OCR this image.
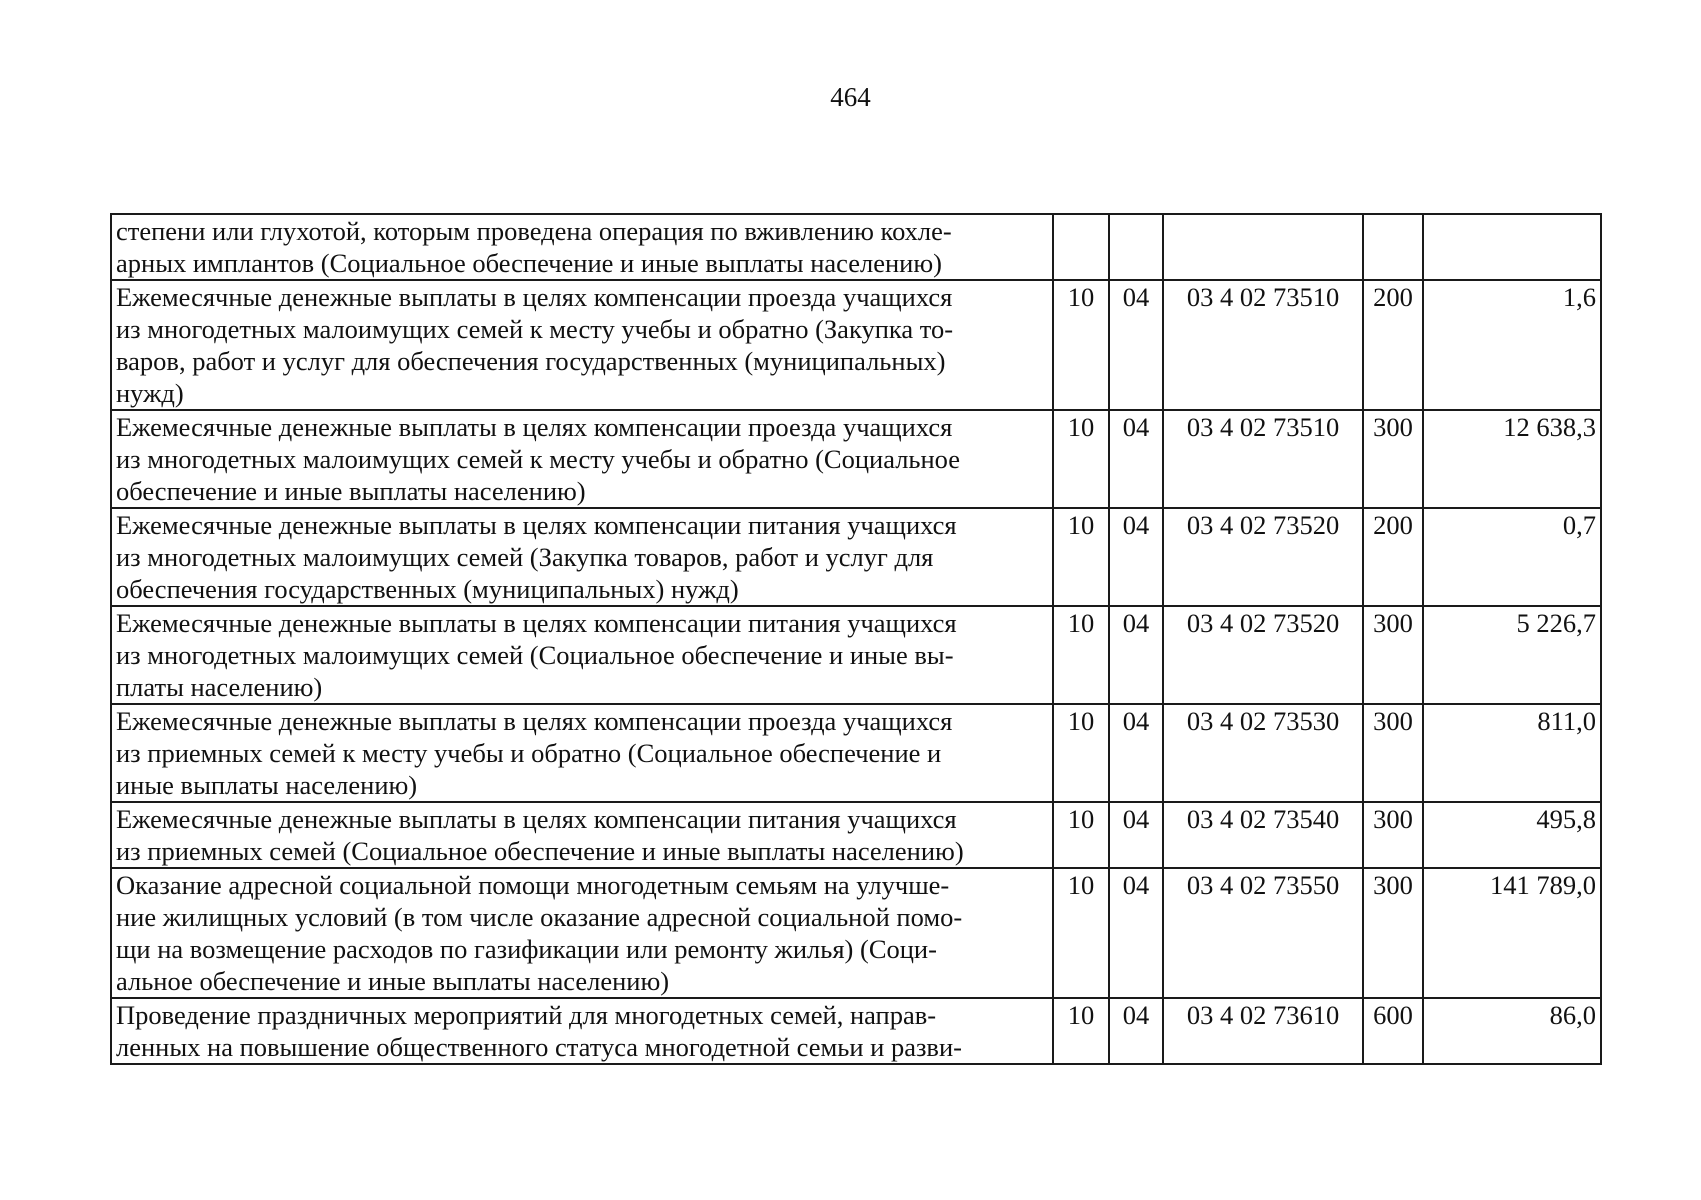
464
степени или глухотой, которым проведена операция по вживлению кохле-
арных имплантов (Социальное обеспечение и иные выплаты населению)					

Ежемесячные денежные выплаты в целях компенсации проезда учащихся
из многодетных малоимущих семей к месту учебы и обратно (Закупка то-
варов, работ и услуг для обеспечения государственных (муниципальных)
нужд)	10	04	03 4 02 73510	200	1,6

Ежемесячные денежные выплаты в целях компенсации проезда учащихся
из многодетных малоимущих семей к месту учебы и обратно (Социальное
обеспечение и иные выплаты населению)	10	04	03 4 02 73510	300	12 638,3

Ежемесячные денежные выплаты в целях компенсации питания учащихся
из многодетных малоимущих семей (Закупка товаров, работ и услуг для
обеспечения государственных (муниципальных) нужд)	10	04	03 4 02 73520	200	0,7

Ежемесячные денежные выплаты в целях компенсации питания учащихся
из многодетных малоимущих семей (Социальное обеспечение и иные вы-
платы населению)	10	04	03 4 02 73520	300	5 226,7

Ежемесячные денежные выплаты в целях компенсации проезда учащихся
из приемных семей к месту учебы и обратно (Социальное обеспечение и
иные выплаты населению)	10	04	03 4 02 73530	300	811,0

Ежемесячные денежные выплаты в целях компенсации питания учащихся
из приемных семей (Социальное обеспечение и иные выплаты населению)	10	04	03 4 02 73540	300	495,8

Оказание адресной социальной помощи многодетным семьям на улучше-
ние жилищных условий (в том числе оказание адресной социальной помо-
щи на возмещение расходов по газификации или ремонту жилья) (Соци-
альное обеспечение и иные выплаты населению)	10	04	03 4 02 73550	300	141 789,0

Проведение праздничных мероприятий для многодетных семей, направ-
ленных на повышение общественного статуса многодетной семьи и разви-	10	04	03 4 02 73610	600	86,0
